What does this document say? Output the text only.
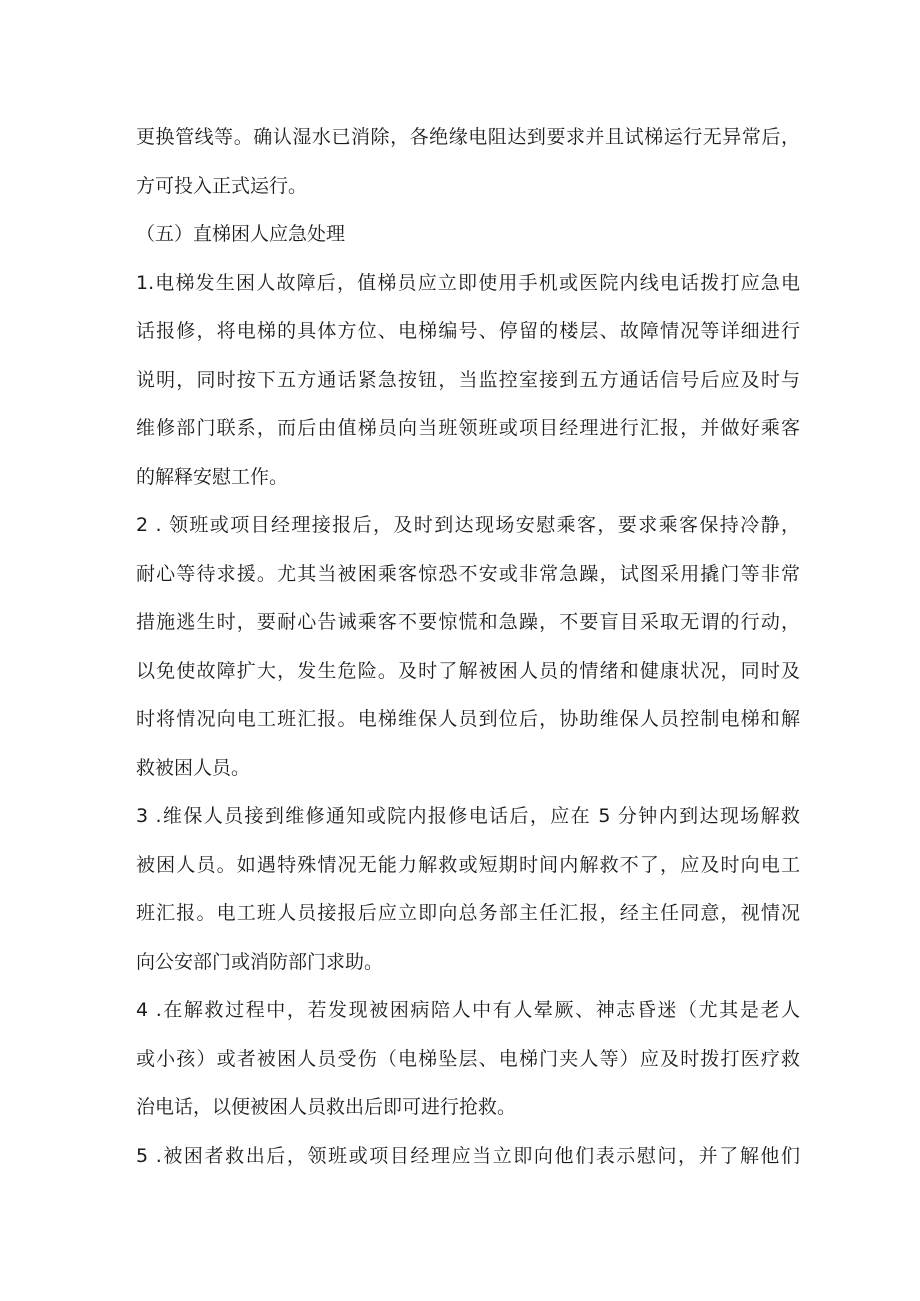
更换管线等。确认湿水已消除，各绝缘电阻达到要求并且试梯运行无异常后，
方可投入正式运行。
（五）直梯困人应急处理
1.电梯发生困人故障后，值梯员应立即使用手机或医院内线电话拨打应急电
话报修，将电梯的具体方位、电梯编号、停留的楼层、故障情况等详细进行
说明，同时按下五方通话紧急按钮，当监控室接到五方通话信号后应及时与
维修部门联系，而后由值梯员向当班领班或项目经理进行汇报，并做好乘客
的解释安慰工作。
2 . 领班或项目经理接报后，及时到达现场安慰乘客，要求乘客保持冷静，
耐心等待求援。尤其当被困乘客惊恐不安或非常急躁，试图采用撬门等非常
措施逃生时，要耐心告诫乘客不要惊慌和急躁，不要盲目采取无谓的行动，
以免使故障扩大，发生危险。及时了解被困人员的情绪和健康状况，同时及
时将情况向电工班汇报。电梯维保人员到位后，协助维保人员控制电梯和解
救被困人员。
3 .维保人员接到维修通知或院内报修电话后，应在 5 分钟内到达现场解救
被困人员。如遇特殊情况无能力解救或短期时间内解救不了，应及时向电工
班汇报。电工班人员接报后应立即向总务部主任汇报，经主任同意，视情况
向公安部门或消防部门求助。
4 .在解救过程中，若发现被困病陪人中有人晕厥、神志昏迷（尤其是老人
或小孩）或者被困人员受伤（电梯坠层、电梯门夹人等）应及时拨打医疗救
治电话，以便被困人员救出后即可进行抢救。
5 .被困者救出后，领班或项目经理应当立即向他们表示慰问，并了解他们
